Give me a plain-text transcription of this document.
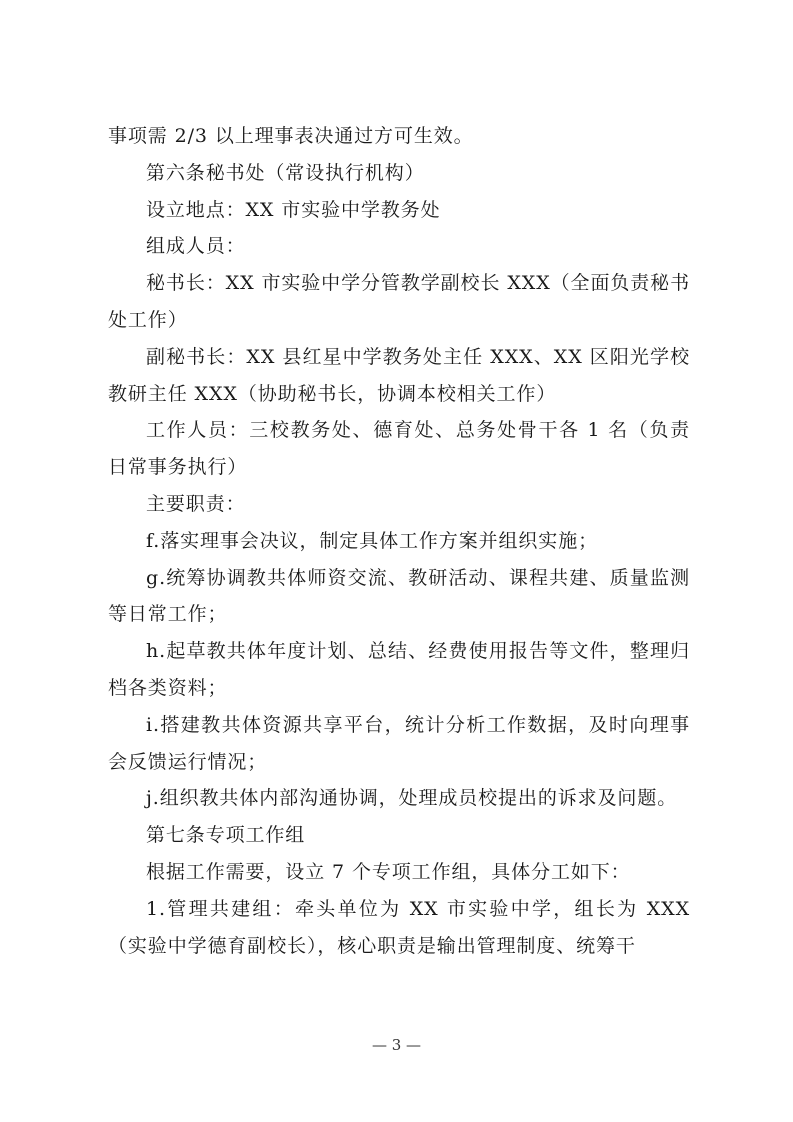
事项需 2/3 以上理事表决通过方可生效。

第六条秘书处（常设执行机构）

设立地点：XX 市实验中学教务处

组成人员：

秘书长：XX 市实验中学分管教学副校长 XXX（全面负责秘书处工作）

副秘书长：XX 县红星中学教务处主任 XXX、XX 区阳光学校教研主任 XXX（协助秘书长，协调本校相关工作）

工作人员：三校教务处、德育处、总务处骨干各 1 名（负责日常事务执行）

主要职责：

f.落实理事会决议，制定具体工作方案并组织实施；

g.统筹协调教共体师资交流、教研活动、课程共建、质量监测等日常工作；

h.起草教共体年度计划、总结、经费使用报告等文件，整理归档各类资料；

i.搭建教共体资源共享平台，统计分析工作数据，及时向理事会反馈运行情况；

j.组织教共体内部沟通协调，处理成员校提出的诉求及问题。

第七条专项工作组

根据工作需要，设立 7 个专项工作组，具体分工如下：

1.管理共建组：牵头单位为 XX 市实验中学，组长为 XXX（实验中学德育副校长），核心职责是输出管理制度、统筹干

— 3 —
